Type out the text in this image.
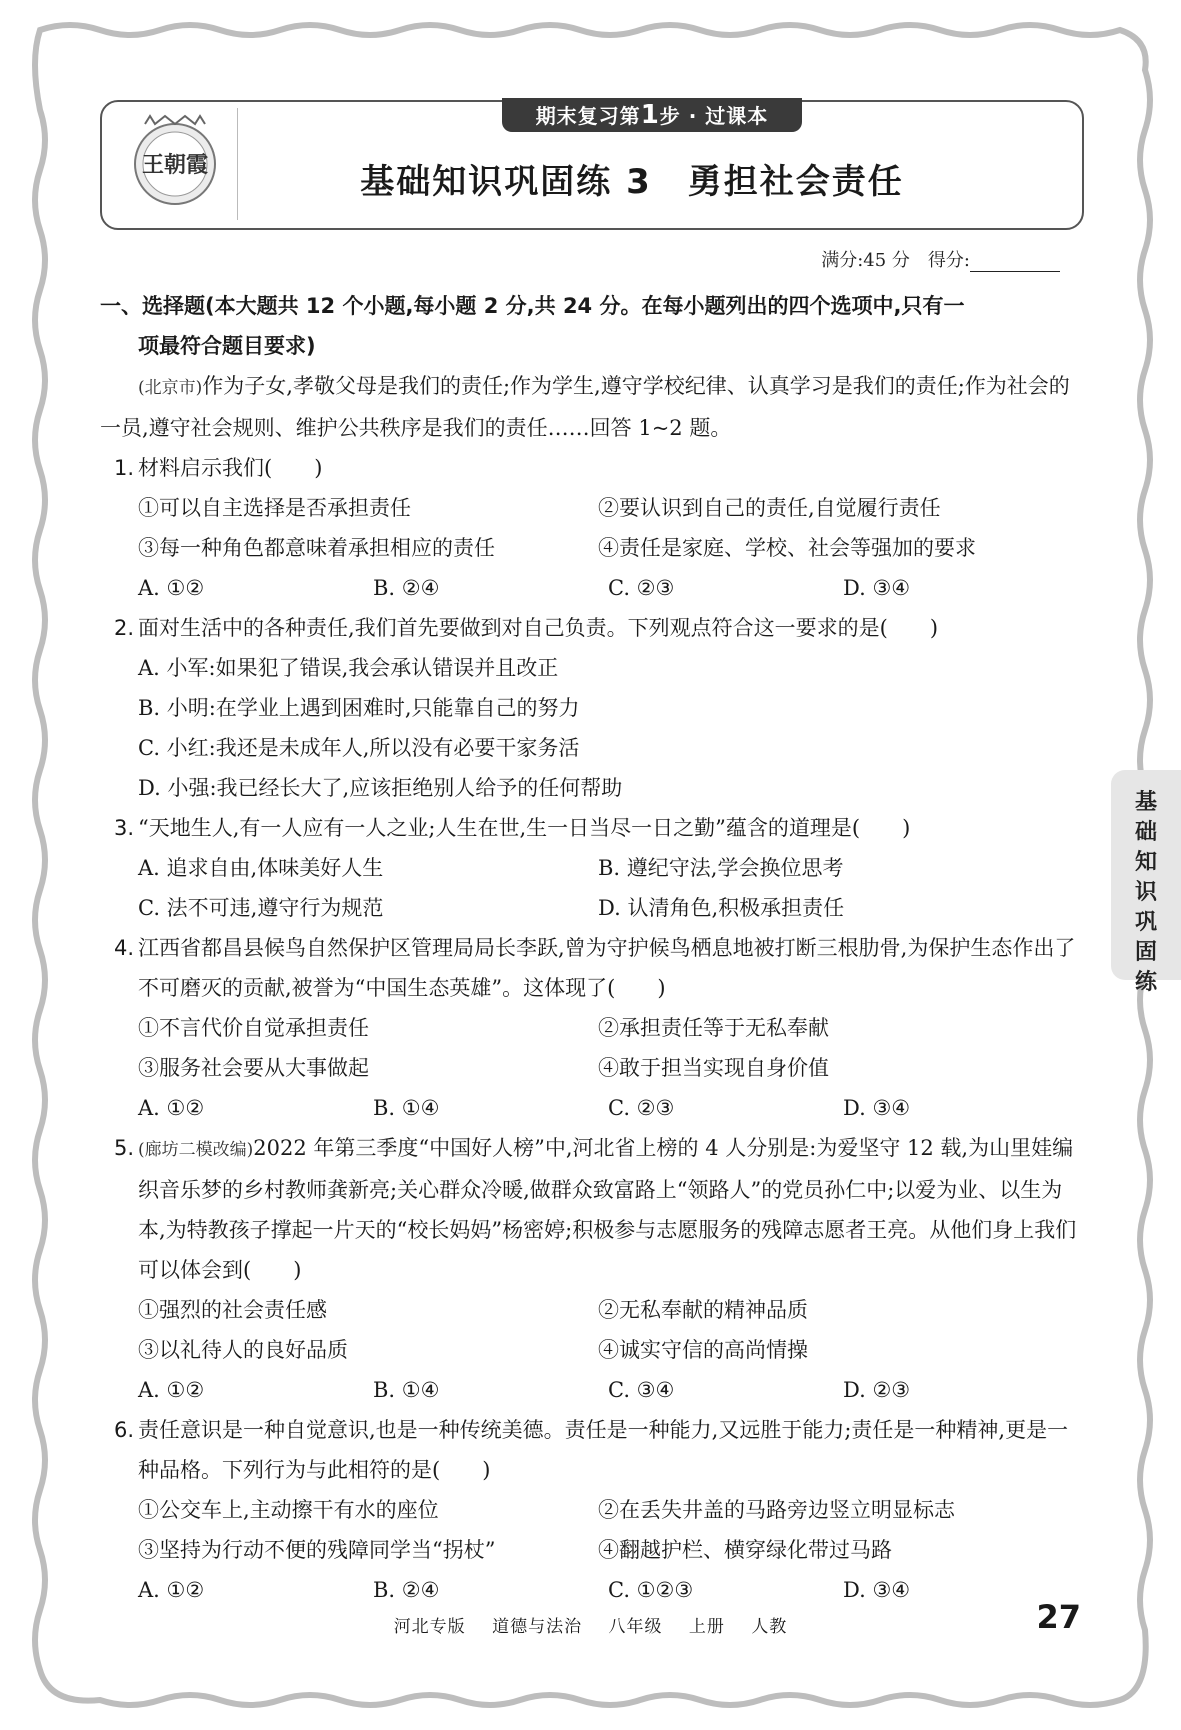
王朝霞
期末复习第1步 · 过课本
基础知识巩固练 3　勇担社会责任
满分:45 分　得分:
一、选择题(本大题共 12 个小题,每小题 2 分,共 24 分。在每小题列出的四个选项中,只有一
项最符合题目要求)
(北京市)作为子女,孝敬父母是我们的责任;作为学生,遵守学校纪律、认真学习是我们的责任;作为社会的一员,遵守社会规则、维护公共秩序是我们的责任……回答 1~2 题。
1. 材料启示我们(　　)
①可以自主选择是否承担责任	②要认识到自己的责任,自觉履行责任
③每一种角色都意味着承担相应的责任	④责任是家庭、学校、社会等强加的要求
A. ①②	B. ②④	C. ②③	D. ③④
2. 面对生活中的各种责任,我们首先要做到对自己负责。下列观点符合这一要求的是(　　)
A. 小军:如果犯了错误,我会承认错误并且改正
B. 小明:在学业上遇到困难时,只能靠自己的努力
C. 小红:我还是未成年人,所以没有必要干家务活
D. 小强:我已经长大了,应该拒绝别人给予的任何帮助
3. “天地生人,有一人应有一人之业;人生在世,生一日当尽一日之勤”蕴含的道理是(　　)
A. 追求自由,体味美好人生	B. 遵纪守法,学会换位思考
C. 法不可违,遵守行为规范	D. 认清角色,积极承担责任
4. 江西省都昌县候鸟自然保护区管理局局长李跃,曾为守护候鸟栖息地被打断三根肋骨,为保护生态作出了不可磨灭的贡献,被誉为“中国生态英雄”。这体现了(　　)
①不言代价自觉承担责任	②承担责任等于无私奉献
③服务社会要从大事做起	④敢于担当实现自身价值
A. ①②	B. ①④	C. ②③	D. ③④
5. (廊坊二模改编)2022 年第三季度“中国好人榜”中,河北省上榜的 4 人分别是:为爱坚守 12 载,为山里娃编织音乐梦的乡村教师龚新亮;关心群众冷暖,做群众致富路上“领路人”的党员孙仁中;以爱为业、以生为本,为特教孩子撑起一片天的“校长妈妈”杨密婷;积极参与志愿服务的残障志愿者王亮。从他们身上我们可以体会到(　　)
①强烈的社会责任感	②无私奉献的精神品质
③以礼待人的良好品质	④诚实守信的高尚情操
A. ①②	B. ①④	C. ③④	D. ②③
6. 责任意识是一种自觉意识,也是一种传统美德。责任是一种能力,又远胜于能力;责任是一种精神,更是一种品格。下列行为与此相符的是(　　)
①公交车上,主动擦干有水的座位	②在丢失井盖的马路旁边竖立明显标志
③坚持为行动不便的残障同学当“拐杖”	④翻越护栏、横穿绿化带过马路
A. ①②	B. ②④	C. ①②③	D. ③④
基
础
知
识
巩
固
练
河北专版 道德与法治 八年级 上册 人教	27
